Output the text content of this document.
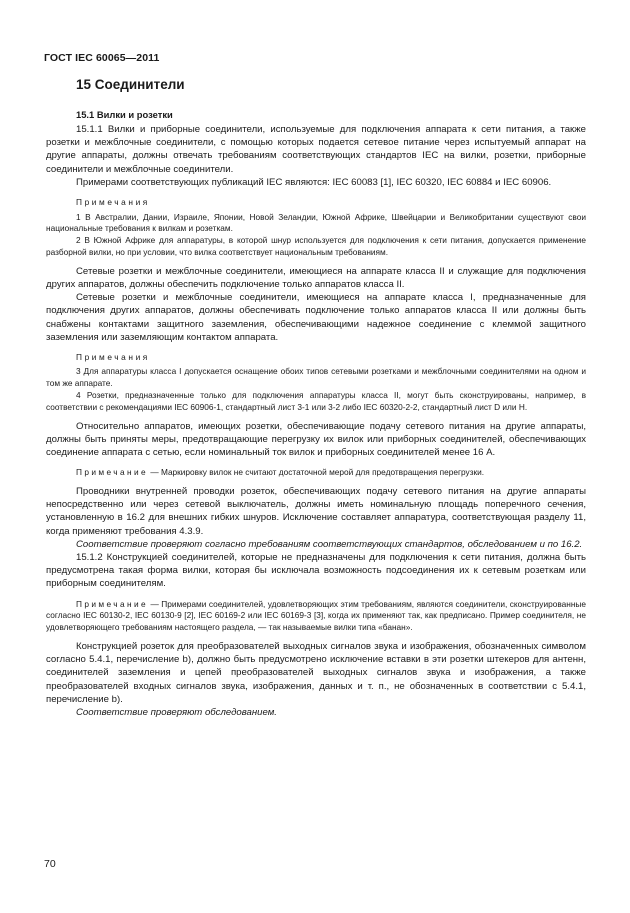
ГОСТ IEC 60065—2011
15 Соединители
15.1 Вилки и розетки

15.1.1 Вилки и приборные соединители, используемые для подключения аппарата к сети питания, а также розетки и межблочные соединители, с помощью которых подается сетевое питание через испытуемый аппарат на другие аппараты, должны отвечать требованиям соответствующих стандартов IEC на вилки, розетки, приборные соединители и межблочные соединители.

Примерами соответствующих публикаций IEC являются: IEC 60083 [1], IEC 60320, IEC 60884 и IEC 60906.

Примечания

1 В Австралии, Дании, Израиле, Японии, Новой Зеландии, Южной Африке, Швейцарии и Великобритании существуют свои национальные требования к вилкам и розеткам.

2 В Южной Африке для аппаратуры, в которой шнур используется для подключения к сети питания, допускается применение разборной вилки, но при условии, что вилка соответствует национальным требованиям.

Сетевые розетки и межблочные соединители, имеющиеся на аппарате класса II и служащие для подключения других аппаратов, должны обеспечить подключение только аппаратов класса II.

Сетевые розетки и межблочные соединители, имеющиеся на аппарате класса I, предназначенные для подключения других аппаратов, должны обеспечивать подключение только аппаратов класса II или должны быть снабжены контактами защитного заземления, обеспечивающими надежное соединение с клеммой защитного заземления или заземляющим контактом аппарата.

Примечания

3 Для аппаратуры класса I допускается оснащение обоих типов сетевыми розетками и межблочными соединителями на одном и том же аппарате.

4 Розетки, предназначенные только для подключения аппаратуры класса II, могут быть сконструированы, например, в соответствии с рекомендациями IEC 60906-1, стандартный лист 3-1 или 3-2 либо IEC 60320-2-2, стандартный лист D или H.

Относительно аппаратов, имеющих розетки, обеспечивающие подачу сетевого питания на другие аппараты, должны быть приняты меры, предотвращающие перегрузку их вилок или приборных соединителей, обеспечивающих соединение аппарата с сетью, если номинальный ток вилок и приборных соединителей менее 16 А.

Примечание — Маркировку вилок не считают достаточной мерой для предотвращения перегрузки.

Проводники внутренней проводки розеток, обеспечивающих подачу сетевого питания на другие аппараты непосредственно или через сетевой выключатель, должны иметь номинальную площадь поперечного сечения, установленную в 16.2 для внешних гибких шнуров. Исключение составляет аппаратура, соответствующая разделу 11, когда применяют требования 4.3.9.

Соответствие проверяют согласно требованиям соответствующих стандартов, обследованием и по 16.2.

15.1.2 Конструкцией соединителей, которые не предназначены для подключения к сети питания, должна быть предусмотрена такая форма вилки, которая бы исключала возможность подсоединения их к сетевым розеткам или приборным соединителям.

Примечание — Примерами соединителей, удовлетворяющих этим требованиям, являются соединители, сконструированные согласно IEC 60130-2, IEC 60130-9 [2], IEC 60169-2 или IEC 60169-3 [3], когда их применяют так, как предписано. Пример соединителя, не удовлетворяющего требованиям настоящего раздела, — так называемые вилки типа «банан».

Конструкцией розеток для преобразователей выходных сигналов звука и изображения, обозначенных символом согласно 5.4.1, перечисление b), должно быть предусмотрено исключение вставки в эти розетки штекеров для антенн, соединителей заземления и цепей преобразователей выходных сигналов звука и изображения, а также преобразователей входных сигналов звука, изображения, данных и т. п., не обозначенных в соответствии с 5.4.1, перечисление b).

Соответствие проверяют обследованием.

70
